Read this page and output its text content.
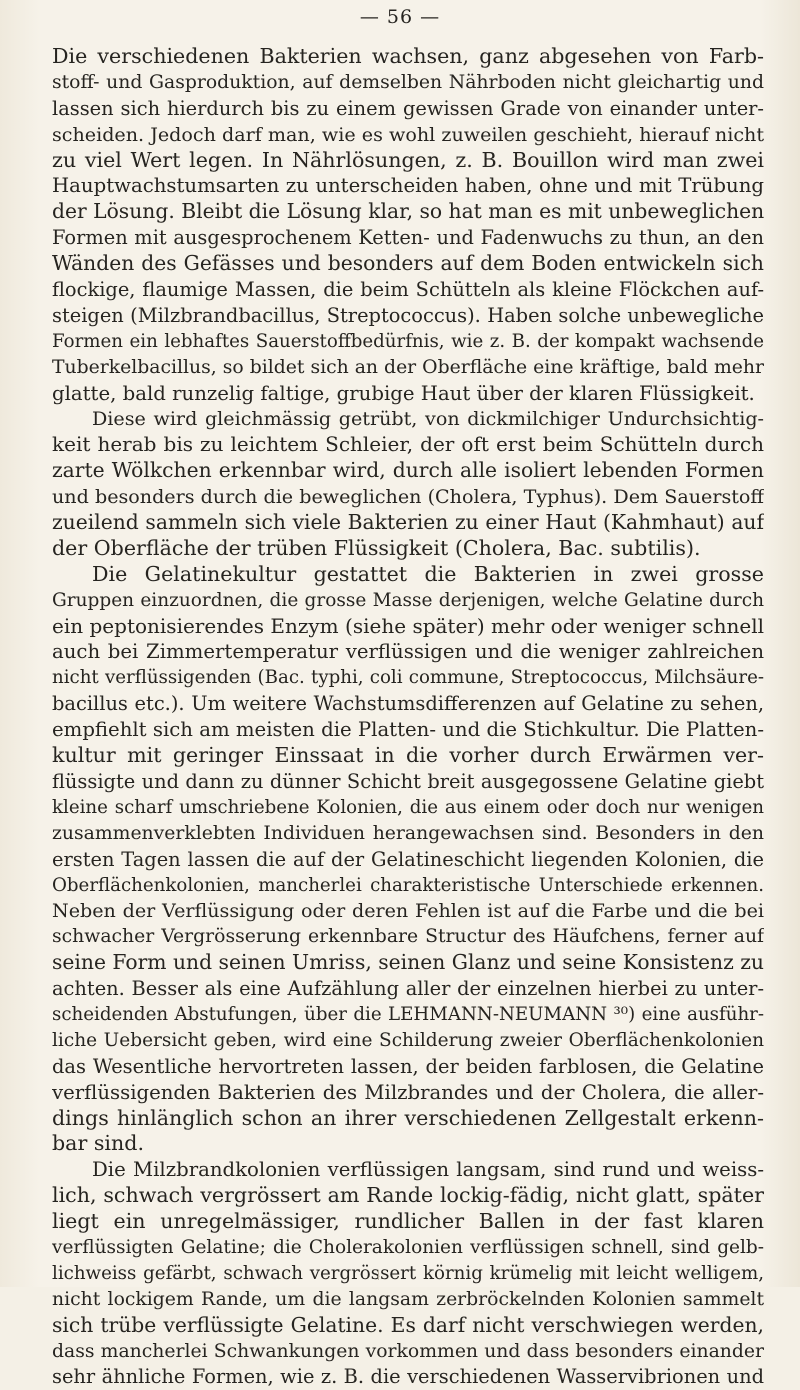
— 56 —
Die verschiedenen Bakterien wachsen, ganz abgesehen von Farb-
stoff- und Gasproduktion, auf demselben Nährboden nicht gleichartig und
lassen sich hierdurch bis zu einem gewissen Grade von einander unter-
scheiden. Jedoch darf man, wie es wohl zuweilen geschieht, hierauf nicht
zu viel Wert legen. In Nährlösungen, z. B. Bouillon wird man zwei
Hauptwachstumsarten zu unterscheiden haben, ohne und mit Trübung
der Lösung. Bleibt die Lösung klar, so hat man es mit unbeweglichen
Formen mit ausgesprochenem Ketten- und Fadenwuchs zu thun, an den
Wänden des Gefässes und besonders auf dem Boden entwickeln sich
flockige, flaumige Massen, die beim Schütteln als kleine Flöckchen auf-
steigen (Milzbrandbacillus, Streptococcus). Haben solche unbewegliche
Formen ein lebhaftes Sauerstoffbedürfnis, wie z. B. der kompakt wachsende
Tuberkelbacillus, so bildet sich an der Oberfläche eine kräftige, bald mehr
glatte, bald runzelig faltige, grubige Haut über der klaren Flüssigkeit.
Diese wird gleichmässig getrübt, von dickmilchiger Undurchsichtig-
keit herab bis zu leichtem Schleier, der oft erst beim Schütteln durch
zarte Wölkchen erkennbar wird, durch alle isoliert lebenden Formen
und besonders durch die beweglichen (Cholera, Typhus). Dem Sauerstoff
zueilend sammeln sich viele Bakterien zu einer Haut (Kahmhaut) auf
der Oberfläche der trüben Flüssigkeit (Cholera, Bac. subtilis).
Die Gelatinekultur gestattet die Bakterien in zwei grosse
Gruppen einzuordnen, die grosse Masse derjenigen, welche Gelatine durch
ein peptonisierendes Enzym (siehe später) mehr oder weniger schnell
auch bei Zimmertemperatur verflüssigen und die weniger zahlreichen
nicht verflüssigenden (Bac. typhi, coli commune, Streptococcus, Milchsäure-
bacillus etc.). Um weitere Wachstumsdifferenzen auf Gelatine zu sehen,
empfiehlt sich am meisten die Platten- und die Stichkultur. Die Platten-
kultur mit geringer Einssaat in die vorher durch Erwärmen ver-
flüssigte und dann zu dünner Schicht breit ausgegossene Gelatine giebt
kleine scharf umschriebene Kolonien, die aus einem oder doch nur wenigen
zusammenverklebten Individuen herangewachsen sind. Besonders in den
ersten Tagen lassen die auf der Gelatineschicht liegenden Kolonien, die
Oberflächenkolonien, mancherlei charakteristische Unterschiede erkennen.
Neben der Verflüssigung oder deren Fehlen ist auf die Farbe und die bei
schwacher Vergrösserung erkennbare Structur des Häufchens, ferner auf
seine Form und seinen Umriss, seinen Glanz und seine Konsistenz zu
achten. Besser als eine Aufzählung aller der einzelnen hierbei zu unter-
scheidenden Abstufungen, über die LEHMANN-NEUMANN ³⁰) eine ausführ-
liche Uebersicht geben, wird eine Schilderung zweier Oberflächenkolonien
das Wesentliche hervortreten lassen, der beiden farblosen, die Gelatine
verflüssigenden Bakterien des Milzbrandes und der Cholera, die aller-
dings hinlänglich schon an ihrer verschiedenen Zellgestalt erkenn-
bar sind.
Die Milzbrandkolonien verflüssigen langsam, sind rund und weiss-
lich, schwach vergrössert am Rande lockig-fädig, nicht glatt, später
liegt ein unregelmässiger, rundlicher Ballen in der fast klaren
verflüssigten Gelatine; die Cholerakolonien verflüssigen schnell, sind gelb-
lichweiss gefärbt, schwach vergrössert körnig krümelig mit leicht welligem,
nicht lockigem Rande, um die langsam zerbröckelnden Kolonien sammelt
sich trübe verflüssigte Gelatine. Es darf nicht verschwiegen werden,
dass mancherlei Schwankungen vorkommen und dass besonders einander
sehr ähnliche Formen, wie z. B. die verschiedenen Wasservibrionen und
